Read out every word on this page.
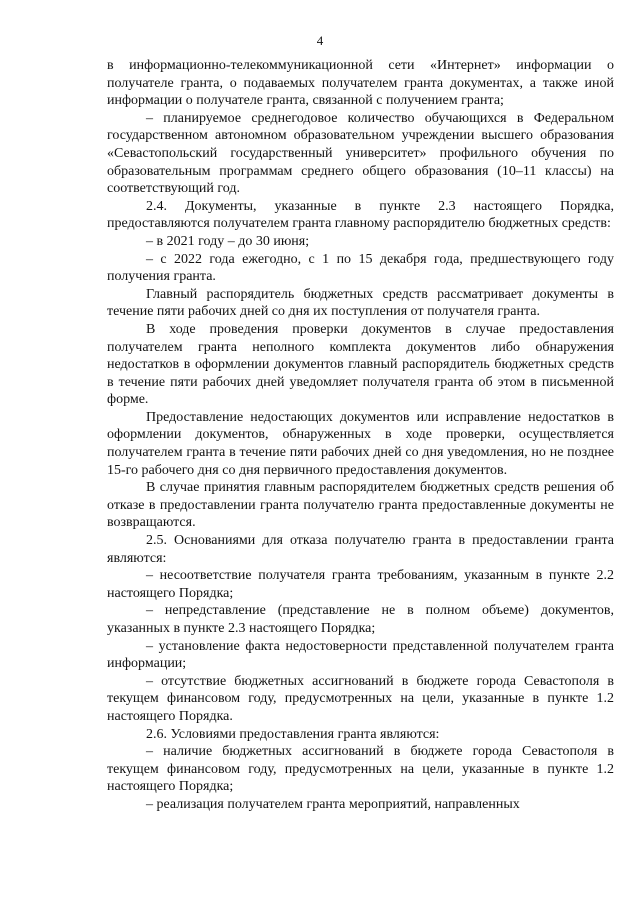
4

в информационно-телекоммуникационной сети «Интернет» информации о получателе гранта, о подаваемых получателем гранта документах, а также иной информации о получателе гранта, связанной с получением гранта;

– планируемое среднегодовое количество обучающихся в Федеральном государственном автономном образовательном учреждении высшего образования «Севастопольский государственный университет» профильного обучения по образовательным программам среднего общего образования (10–11 классы) на соответствующий год.

2.4. Документы, указанные в пункте 2.3 настоящего Порядка, предоставляются получателем гранта главному распорядителю бюджетных средств:

– в 2021 году – до 30 июня;

– с 2022 года ежегодно, с 1 по 15 декабря года, предшествующего году получения гранта.

Главный распорядитель бюджетных средств рассматривает документы в течение пяти рабочих дней со дня их поступления от получателя гранта.

В ходе проведения проверки документов в случае предоставления получателем гранта неполного комплекта документов либо обнаружения недостатков в оформлении документов главный распорядитель бюджетных средств в течение пяти рабочих дней уведомляет получателя гранта об этом в письменной форме.

Предоставление недостающих документов или исправление недостатков в оформлении документов, обнаруженных в ходе проверки, осуществляется получателем гранта в течение пяти рабочих дней со дня уведомления, но не позднее 15-го рабочего дня со дня первичного предоставления документов.

В случае принятия главным распорядителем бюджетных средств решения об отказе в предоставлении гранта получателю гранта предоставленные документы не возвращаются.

2.5. Основаниями для отказа получателю гранта в предоставлении гранта являются:

– несоответствие получателя гранта требованиям, указанным в пункте 2.2 настоящего Порядка;

– непредставление (представление не в полном объеме) документов, указанных в пункте 2.3 настоящего Порядка;

– установление факта недостоверности представленной получателем гранта информации;

– отсутствие бюджетных ассигнований в бюджете города Севастополя в текущем финансовом году, предусмотренных на цели, указанные в пункте 1.2 настоящего Порядка.

2.6. Условиями предоставления гранта являются:

– наличие бюджетных ассигнований в бюджете города Севастополя в текущем финансовом году, предусмотренных на цели, указанные в пункте 1.2 настоящего Порядка;

– реализация получателем гранта мероприятий, направленных
